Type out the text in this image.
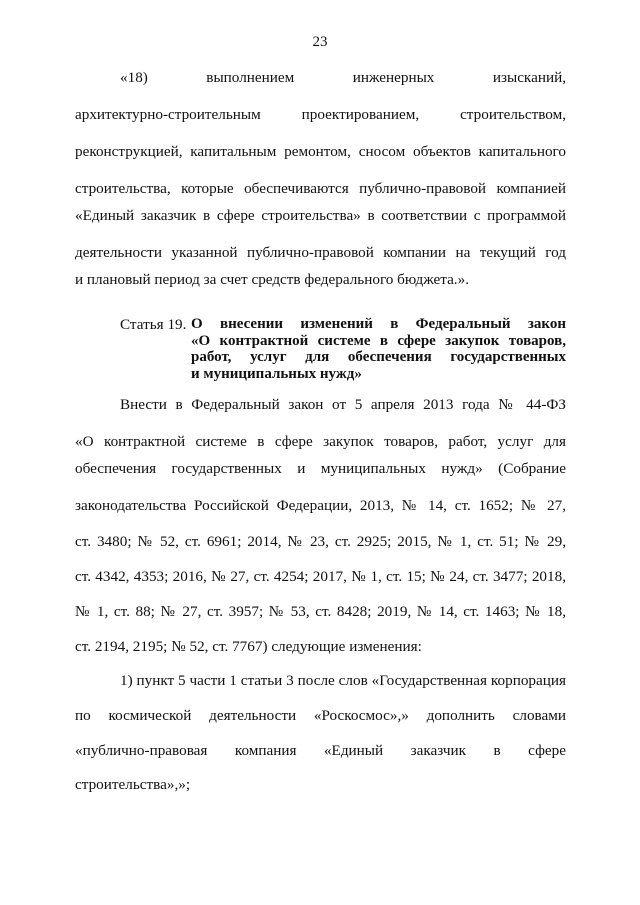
23
«18) выполнением инженерных изысканий,
архитектурно-строительным проектированием, строительством,
реконструкцией, капитальным ремонтом, сносом объектов капитального
строительства, которые обеспечиваются публично-правовой компанией
«Единый заказчик в сфере строительства» в соответствии с программой
деятельности указанной публично-правовой компании на текущий год
и плановый период за счет средств федерального бюджета.».
Статья 19. О внесении изменений в Федеральный закон
«О контрактной системе в сфере закупок товаров,
работ, услуг для обеспечения государственных
и муниципальных нужд»
Внести в Федеральный закон от 5 апреля 2013 года № 44-ФЗ
«О контрактной системе в сфере закупок товаров, работ, услуг для
обеспечения государственных и муниципальных нужд» (Собрание
законодательства Российской Федерации, 2013, № 14, ст. 1652; № 27,
ст. 3480; № 52, ст. 6961; 2014, № 23, ст. 2925; 2015, № 1, ст. 51; № 29,
ст. 4342, 4353; 2016, № 27, ст. 4254; 2017, № 1, ст. 15; № 24, ст. 3477; 2018,
№ 1, ст. 88; № 27, ст. 3957; № 53, ст. 8428; 2019, № 14, ст. 1463; № 18,
ст. 2194, 2195; № 52, ст. 7767) следующие изменения:
1) пункт 5 части 1 статьи 3 после слов «Государственная корпорация
по космической деятельности «Роскосмос»,» дополнить словами
«публично-правовая компания «Единый заказчик в сфере
строительства»,»;
